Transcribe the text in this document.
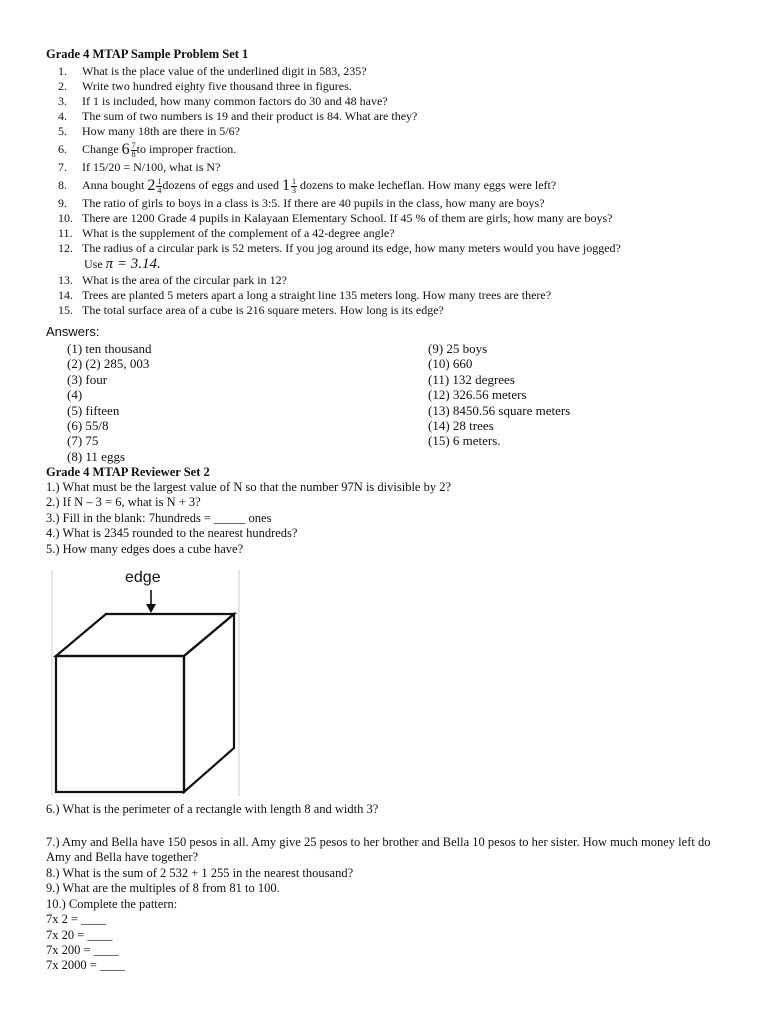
Grade 4 MTAP Sample Problem Set 1
1.	What is the place value of the underlined digit in 583, 235?
2.	Write two hundred eighty five thousand three in figures.
3.	If 1 is included, how many common factors do 30 and 48 have?
4.	The sum of two numbers is 19 and their product is 84. What are they?
5.	How many 18th are there in 5/6?
6.	Change 6 7
8 to improper fraction.
7.	If 15/20 = N/100, what is N?
8.	Anna bought 2 1
4 dozens of eggs and used 1 1
3 dozens to make lecheflan. How many eggs were left?
9.	The ratio of girls to boys in a class is 3:5. If there are 40 pupils in the class, how many are boys?
10. There are 1200 Grade 4 pupils in Kalayaan Elementary School. If 45 % of them are girls, how many are boys?
11. What is the supplement of the complement of a 42-degree angle?
12. The radius of a circular park is 52 meters. If you jog around its edge, how many meters would you have jogged?
Use π = 3.14.
13. What is the area of the circular park in 12?
14. Trees are planted 5 meters apart a long a straight line 135 meters long. How many trees are there?
15. The total surface area of a cube is 216 square meters. How long is its edge?
Answers:
(1) ten thousand
(2) (2) 285, 003
(3) four
(4)
(5) fifteen
(6) 55/8
(7) 75
(8) 11 eggs
(9) 25 boys
(10) 660
(11) 132 degrees
(12) 326.56 meters
(13) 8450.56 square meters
(14) 28 trees
(15) 6 meters.
Grade 4 MTAP Reviewer Set 2
1.) What must be the largest value of N so that the number 97N is divisible by 2?
2.) If N – 3 = 6, what is N + 3?
3.) Fill in the blank: 7hundreds = _____ ones
4.) What is 2345 rounded to the nearest hundreds?
5.) How many edges does a cube have?
edge
6.) What is the perimeter of a rectangle with length 8 and width 3?
7.) Amy and Bella have 150 pesos in all. Amy give 25 pesos to her brother and Bella 10 pesos to her sister. How much money left do Amy and Bella have together?
8.) What is the sum of 2 532 + 1 255 in the nearest thousand?
9.) What are the multiples of 8 from 81 to 100.
10.) Complete the pattern:
7x 2 = ____
7x 20 = ____
7x 200 = ____
7x 2000 = ____
